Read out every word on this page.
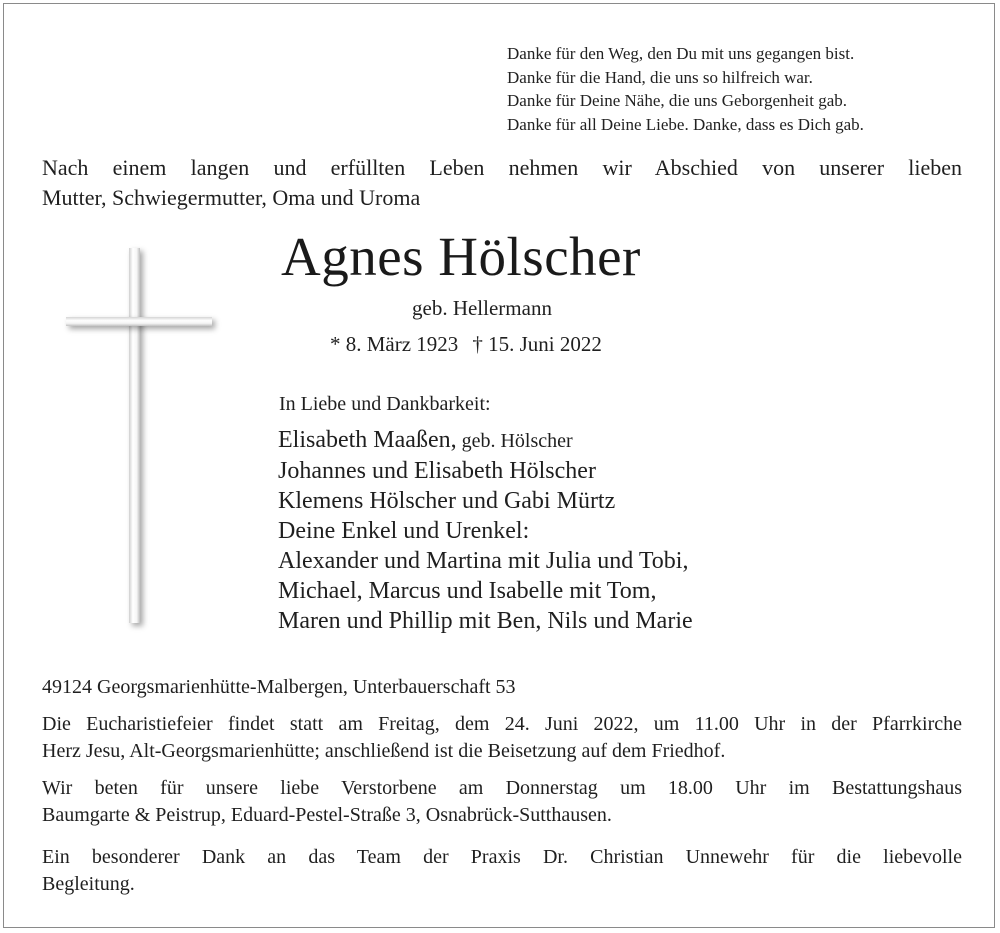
Danke für den Weg, den Du mit uns gegangen bist.
Danke für die Hand, die uns so hilfreich war.
Danke für Deine Nähe, die uns Geborgenheit gab.
Danke für all Deine Liebe. Danke, dass es Dich gab.
Nach einem langen und erfüllten Leben nehmen wir Abschied von unserer lieben
Mutter, Schwiegermutter, Oma und Uroma
Agnes Hölscher
geb. Hellermann
* 8. März 1923 † 15. Juni 2022
In Liebe und Dankbarkeit:
Elisabeth Maaßen, geb. Hölscher
Johannes und Elisabeth Hölscher
Klemens Hölscher und Gabi Mürtz
Deine Enkel und Urenkel:
Alexander und Martina mit Julia und Tobi,
Michael, Marcus und Isabelle mit Tom,
Maren und Phillip mit Ben, Nils und Marie
49124 Georgsmarienhütte-Malbergen, Unterbauerschaft 53
Die Eucharistiefeier findet statt am Freitag, dem 24. Juni 2022, um 11.00 Uhr in der Pfarrkirche
Herz Jesu, Alt-Georgsmarienhütte; anschließend ist die Beisetzung auf dem Friedhof.
Wir beten für unsere liebe Verstorbene am Donnerstag um 18.00 Uhr im Bestattungshaus
Baumgarte & Peistrup, Eduard-Pestel-Straße 3, Osnabrück-Sutthausen.
Ein besonderer Dank an das Team der Praxis Dr. Christian Unnewehr für die liebevolle
Begleitung.
